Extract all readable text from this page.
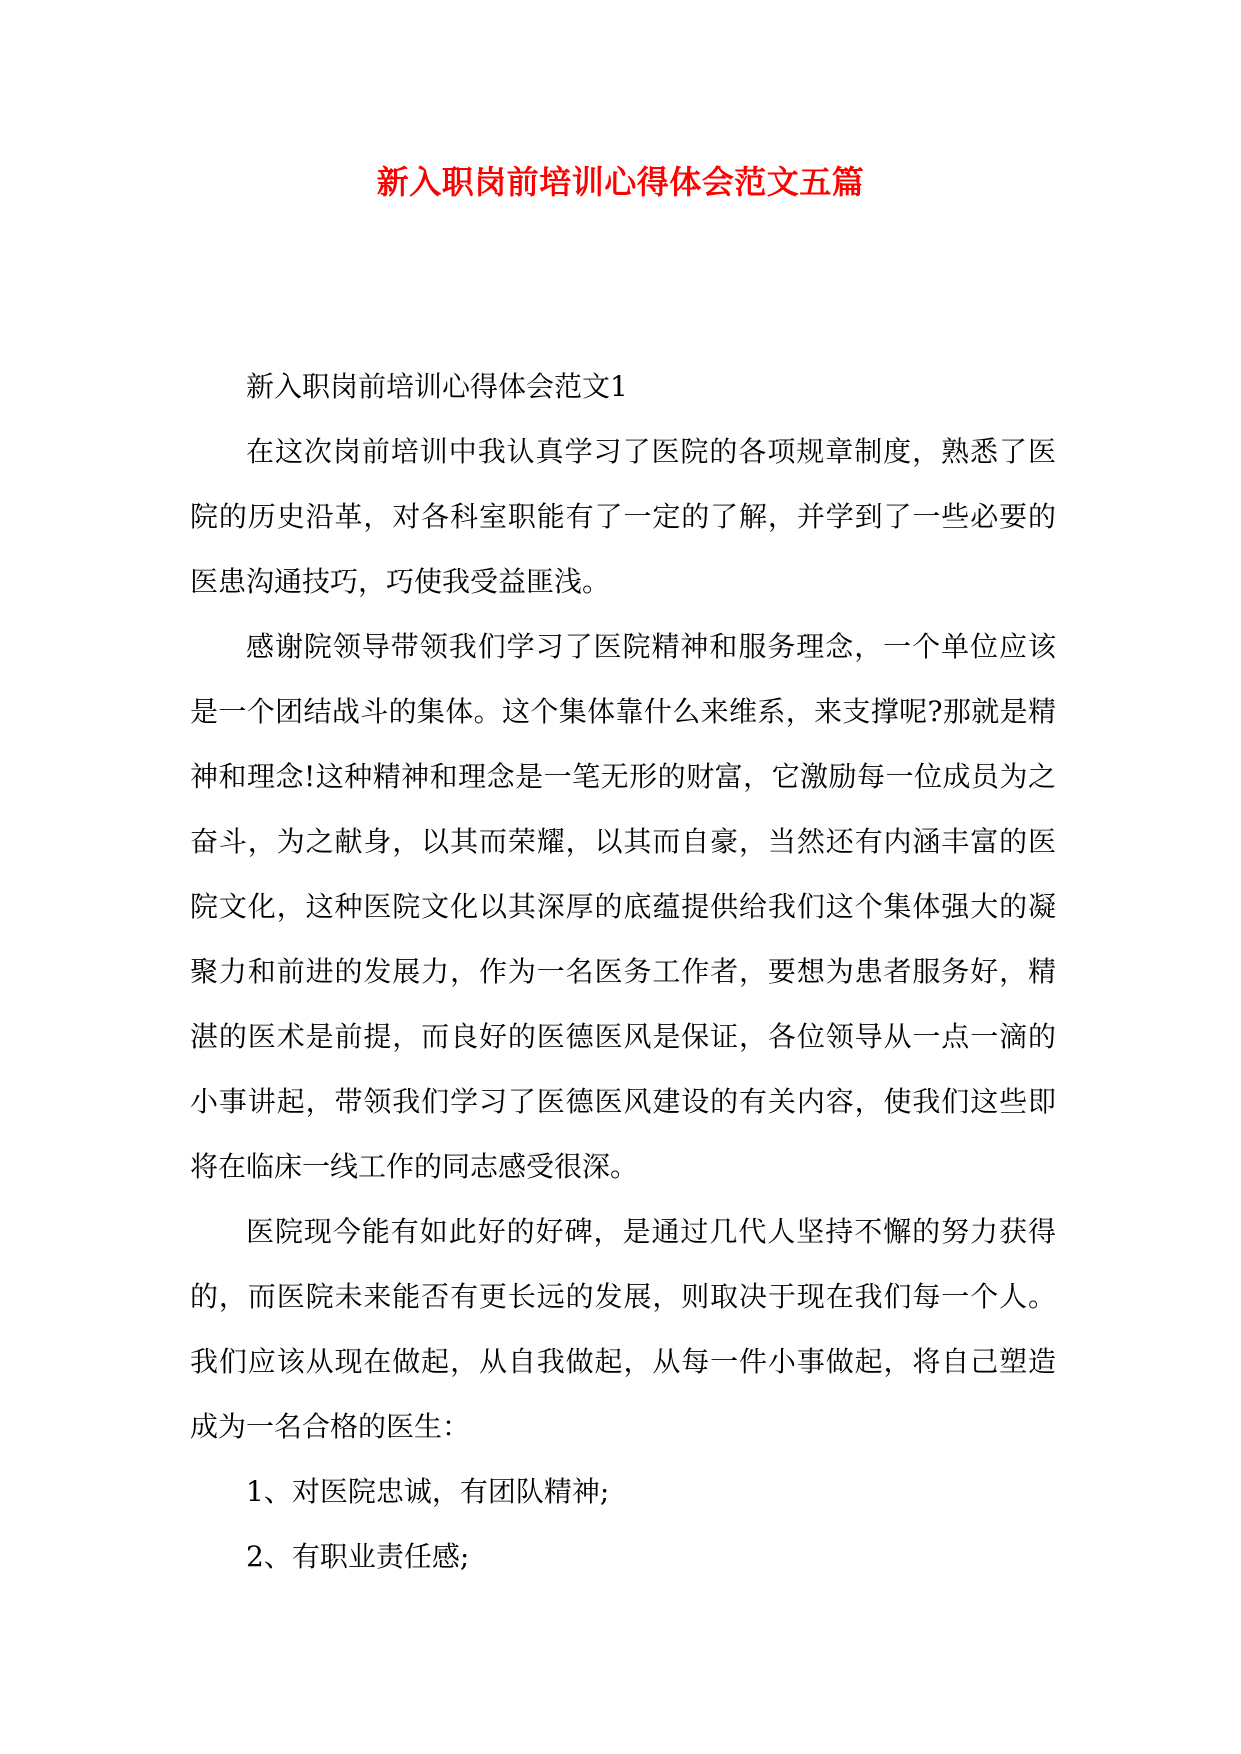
新入职岗前培训心得体会范文五篇

新入职岗前培训心得体会范文1

在这次岗前培训中我认真学习了医院的各项规章制度，熟悉了医院的历史沿革，对各科室职能有了一定的了解，并学到了一些必要的医患沟通技巧，巧使我受益匪浅。

感谢院领导带领我们学习了医院精神和服务理念，一个单位应该是一个团结战斗的集体。这个集体靠什么来维系，来支撑呢?那就是精神和理念!这种精神和理念是一笔无形的财富，它激励每一位成员为之奋斗，为之献身，以其而荣耀，以其而自豪，当然还有内涵丰富的医院文化，这种医院文化以其深厚的底蕴提供给我们这个集体强大的凝聚力和前进的发展力，作为一名医务工作者，要想为患者服务好，精湛的医术是前提，而良好的医德医风是保证，各位领导从一点一滴的小事讲起，带领我们学习了医德医风建设的有关内容，使我们这些即将在临床一线工作的同志感受很深。

医院现今能有如此好的好碑，是通过几代人坚持不懈的努力获得的，而医院未来能否有更长远的发展，则取决于现在我们每一个人。我们应该从现在做起，从自我做起，从每一件小事做起，将自己塑造成为一名合格的医生：

1、对医院忠诚，有团队精神;

2、有职业责任感;
